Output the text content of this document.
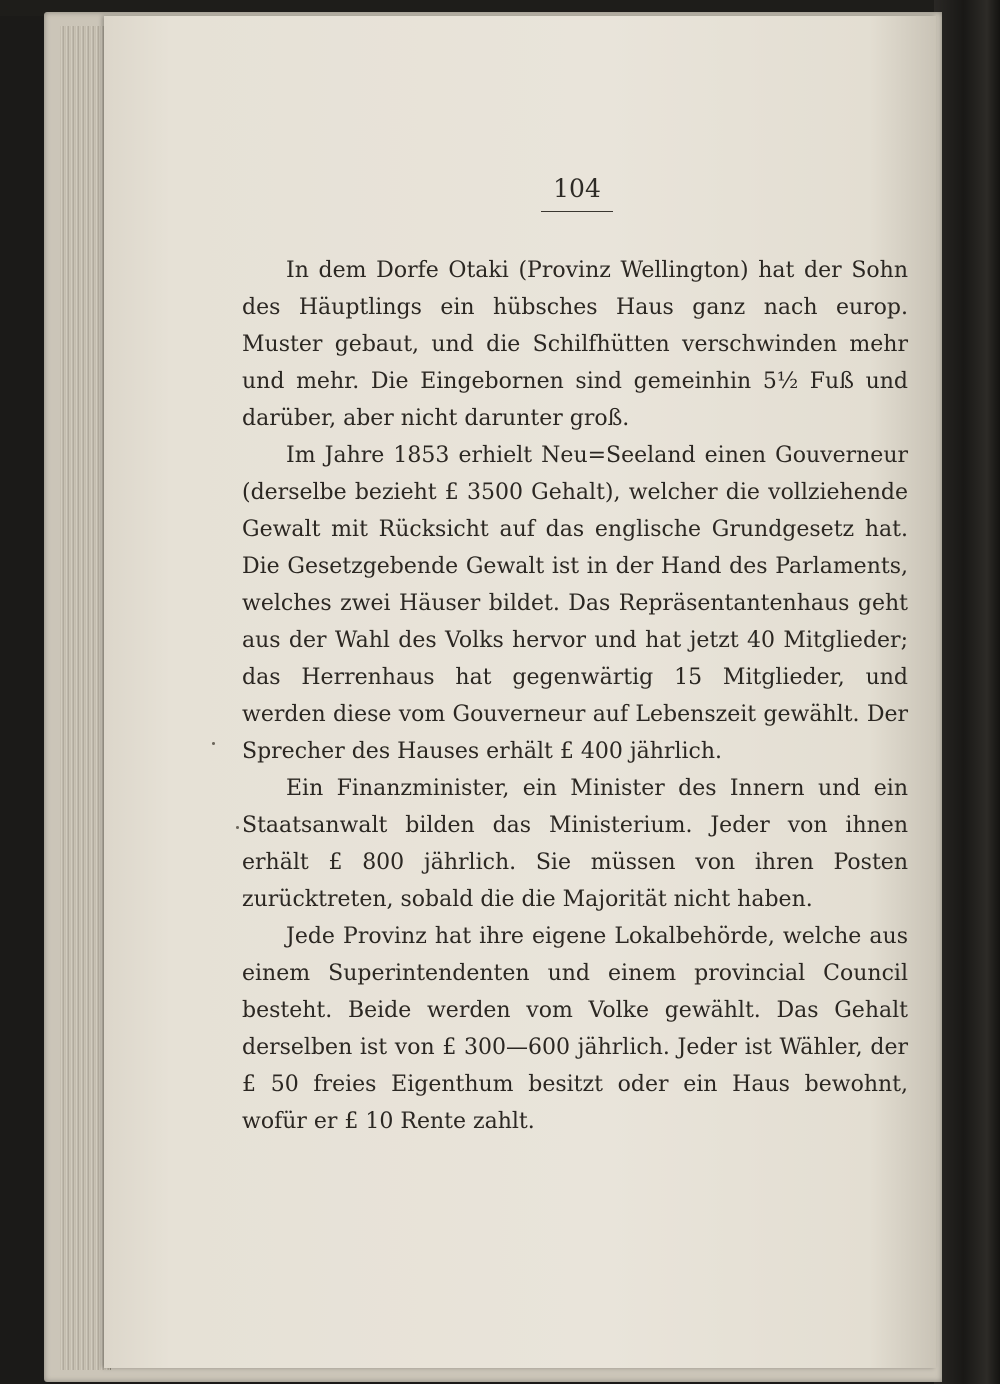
104

In dem Dorfe Otaki (Provinz Wellington) hat der Sohn des Häuptlings ein hübsches Haus ganz nach europ. Muster gebaut, und die Schilfhütten verschwinden mehr und mehr. Die Eingebornen sind gemeinhin 5½ Fuß und darüber, aber nicht darunter groß.

Im Jahre 1853 erhielt Neu=Seeland einen Gouverneur (derselbe bezieht £ 3500 Gehalt), welcher die vollziehende Gewalt mit Rücksicht auf das englische Grundgesetz hat. Die Gesetzgebende Gewalt ist in der Hand des Parlaments, welches zwei Häuser bildet. Das Repräsentantenhaus geht aus der Wahl des Volks hervor und hat jetzt 40 Mitglieder; das Herrenhaus hat gegenwärtig 15 Mitglieder, und werden diese vom Gouverneur auf Lebenszeit gewählt. Der Sprecher des Hauses erhält £ 400 jährlich.

Ein Finanzminister, ein Minister des Innern und ein Staatsanwalt bilden das Ministerium. Jeder von ihnen erhält £ 800 jährlich. Sie müssen von ihren Posten zurücktreten, sobald die die Majorität nicht haben.

Jede Provinz hat ihre eigene Lokalbehörde, welche aus einem Superintendenten und einem provincial Council besteht. Beide werden vom Volke gewählt. Das Gehalt derselben ist von £ 300—600 jährlich. Jeder ist Wähler, der £ 50 freies Eigenthum besitzt oder ein Haus bewohnt, wofür er £ 10 Rente zahlt.
